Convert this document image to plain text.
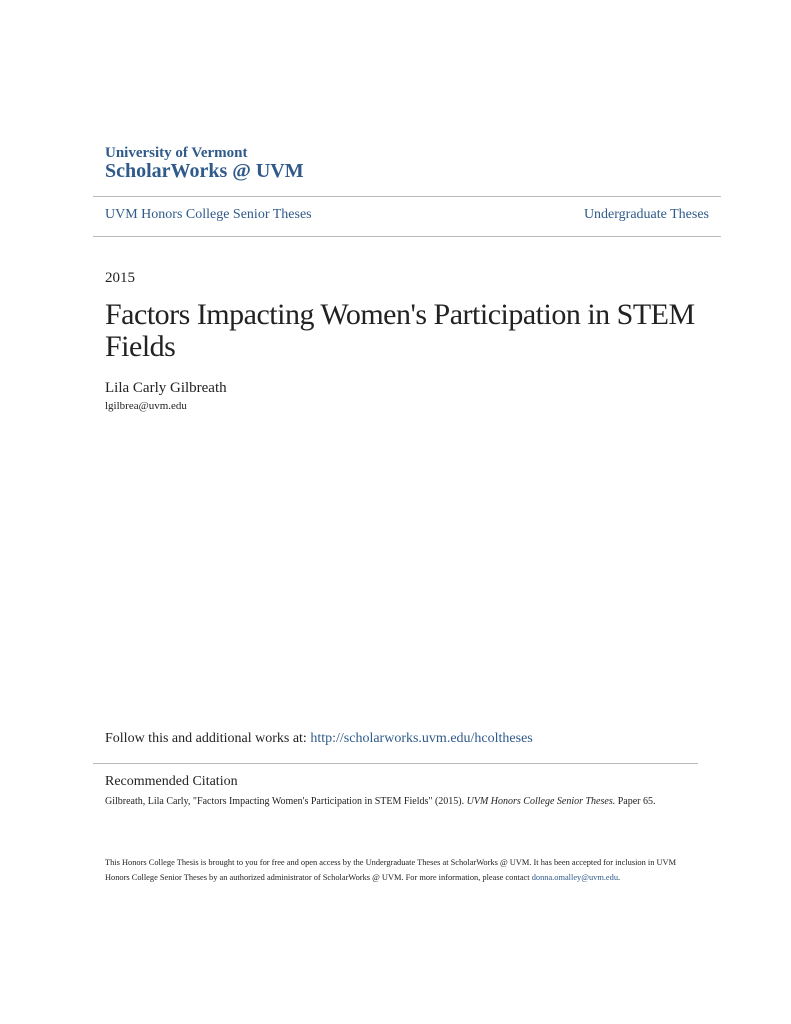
University of Vermont
ScholarWorks @ UVM
UVM Honors College Senior Theses	Undergraduate Theses
2015
Factors Impacting Women's Participation in STEM Fields
Lila Carly Gilbreath
lgilbrea@uvm.edu
Follow this and additional works at: http://scholarworks.uvm.edu/hcoltheses
Recommended Citation
Gilbreath, Lila Carly, "Factors Impacting Women's Participation in STEM Fields" (2015). UVM Honors College Senior Theses. Paper 65.
This Honors College Thesis is brought to you for free and open access by the Undergraduate Theses at ScholarWorks @ UVM. It has been accepted for inclusion in UVM Honors College Senior Theses by an authorized administrator of ScholarWorks @ UVM. For more information, please contact donna.omalley@uvm.edu.
